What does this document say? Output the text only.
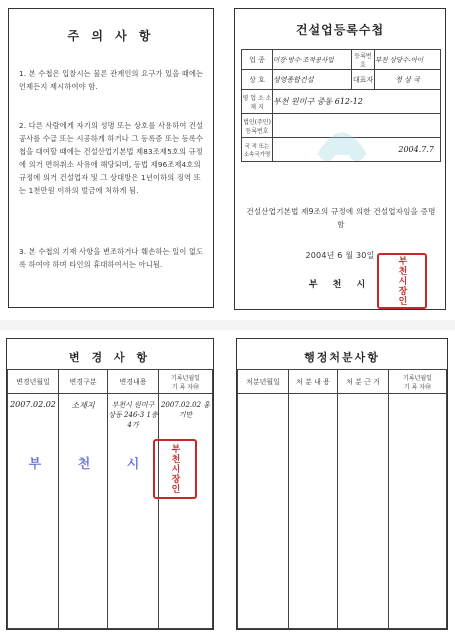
주 의 사 항
1. 본 수첩은 입찰시는 물론 관계인의 요구가 있을 때에는 언제든지 제시하여야 함.
2. 다른 사람에게 자기의 성명 또는 상호를 사용하여 건설공사를 수급 또는 시공하게 하거나 그 등록증 또는 등록수첩을 대여할 때에는 건설산업기본법 제83조제5호의 규정에 의거 면허취소 사유에 해당되며, 동법 제96조제4호의 규정에 의거 건설업자 및 그 상대방은 1년이하의 징역 또는 1천만원 이하의 벌금에 처하게 됨.
3. 본 수첩의 기재 사항을 변조하거나 훼손하는 일이 없도록 하여야 하며 타인의 휴대하여서는 아니됨.
건설업등록수첩
업 종	미장·방수·조적공사업	등록번호	부천 상당수-아이
상 호	성영종합건설	대표자	정 상 국
영 업 소 소 재 지	부천 원미구 중동 612-12		
법인(주민) 등록번호			
국 적 또는 소속국가명	2004.7.7		
건설산업기본법 제9조의 규정에 의한 건설업자임을 증명함
2004년 6 월 30일
부 천 시	부천시장인
변 경 사 항
변경년월일	변경구분	변경내용	기록년월일
기 록 자㊞
2007.02.02	소재지	부천시 원미구 상동 246-3 1층4가	2007.02.02 홍기만
부 천 시	부천시장인
행정처분사항
처분년월일	처 분 내 용	처 분 근 거	기록년월일
기 록 자㊞
